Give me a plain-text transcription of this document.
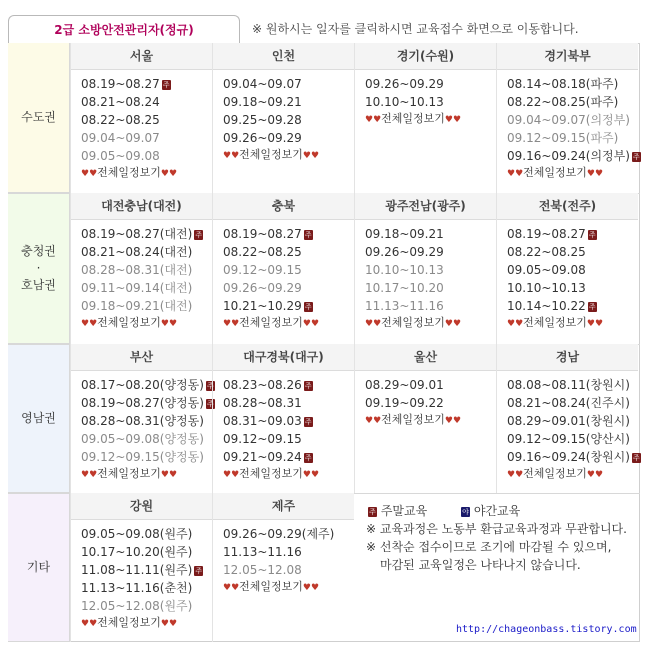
2급 소방안전관리자(정규)	※ 원하시는 일자를 클릭하시면 교육접수 화면으로 이동합니다.
수도권
서울
08.19~08.27 주
08.21~08.24
08.22~08.25
09.04~09.07
09.05~09.08
♥♥전체일정보기♥♥
인천
09.04~09.07
09.18~09.21
09.25~09.28
09.26~09.29
♥♥전체일정보기♥♥
경기(수원)
09.26~09.29
10.10~10.13
♥♥전체일정보기♥♥
경기북부
08.14~08.18(파주)
08.22~08.25(파주)
09.04~09.07(의정부)
09.12~09.15(파주)
09.16~09.24(의정부) 주
♥♥전체일정보기♥♥
충청권
·
호남권
대전충남(대전)
08.19~08.27(대전) 주
08.21~08.24(대전)
08.28~08.31(대전)
09.11~09.14(대전)
09.18~09.21(대전)
♥♥전체일정보기♥♥
충북
08.19~08.27 주
08.22~08.25
09.12~09.15
09.26~09.29
10.21~10.29 주
♥♥전체일정보기♥♥
광주전남(광주)
09.18~09.21
09.26~09.29
10.10~10.13
10.17~10.20
11.13~11.16
♥♥전체일정보기♥♥
전북(전주)
08.19~08.27 주
08.22~08.25
09.05~09.08
10.10~10.13
10.14~10.22 주
♥♥전체일정보기♥♥
영남권
부산
08.17~08.20(양정동) 주
08.19~08.27(양정동) 주
08.28~08.31(양정동)
09.05~09.08(양정동)
09.12~09.15(양정동)
♥♥전체일정보기♥♥
대구경북(대구)
08.23~08.26 주
08.28~08.31
08.31~09.03 주
09.12~09.15
09.21~09.24 주
♥♥전체일정보기♥♥
울산
08.29~09.01
09.19~09.22
♥♥전체일정보기♥♥
경남
08.08~08.11(창원시)
08.21~08.24(진주시)
08.29~09.01(창원시)
09.12~09.15(양산시)
09.16~09.24(창원시) 주
♥♥전체일정보기♥♥
기타
강원
09.05~09.08(원주)
10.17~10.20(원주)
11.08~11.11(원주) 주
11.13~11.16(춘천)
12.05~12.08(원주)
♥♥전체일정보기♥♥
제주
09.26~09.29(제주)
11.13~11.16
12.05~12.08
♥♥전체일정보기♥♥
주 주말교육	야 야간교육
※ 교육과정은 노동부 환급교육과정과 무관합니다.
※ 선착순 접수이므로 조기에 마감될 수 있으며,
마감된 교육일정은 나타나지 않습니다.
http://chageonbass.tistory.com
